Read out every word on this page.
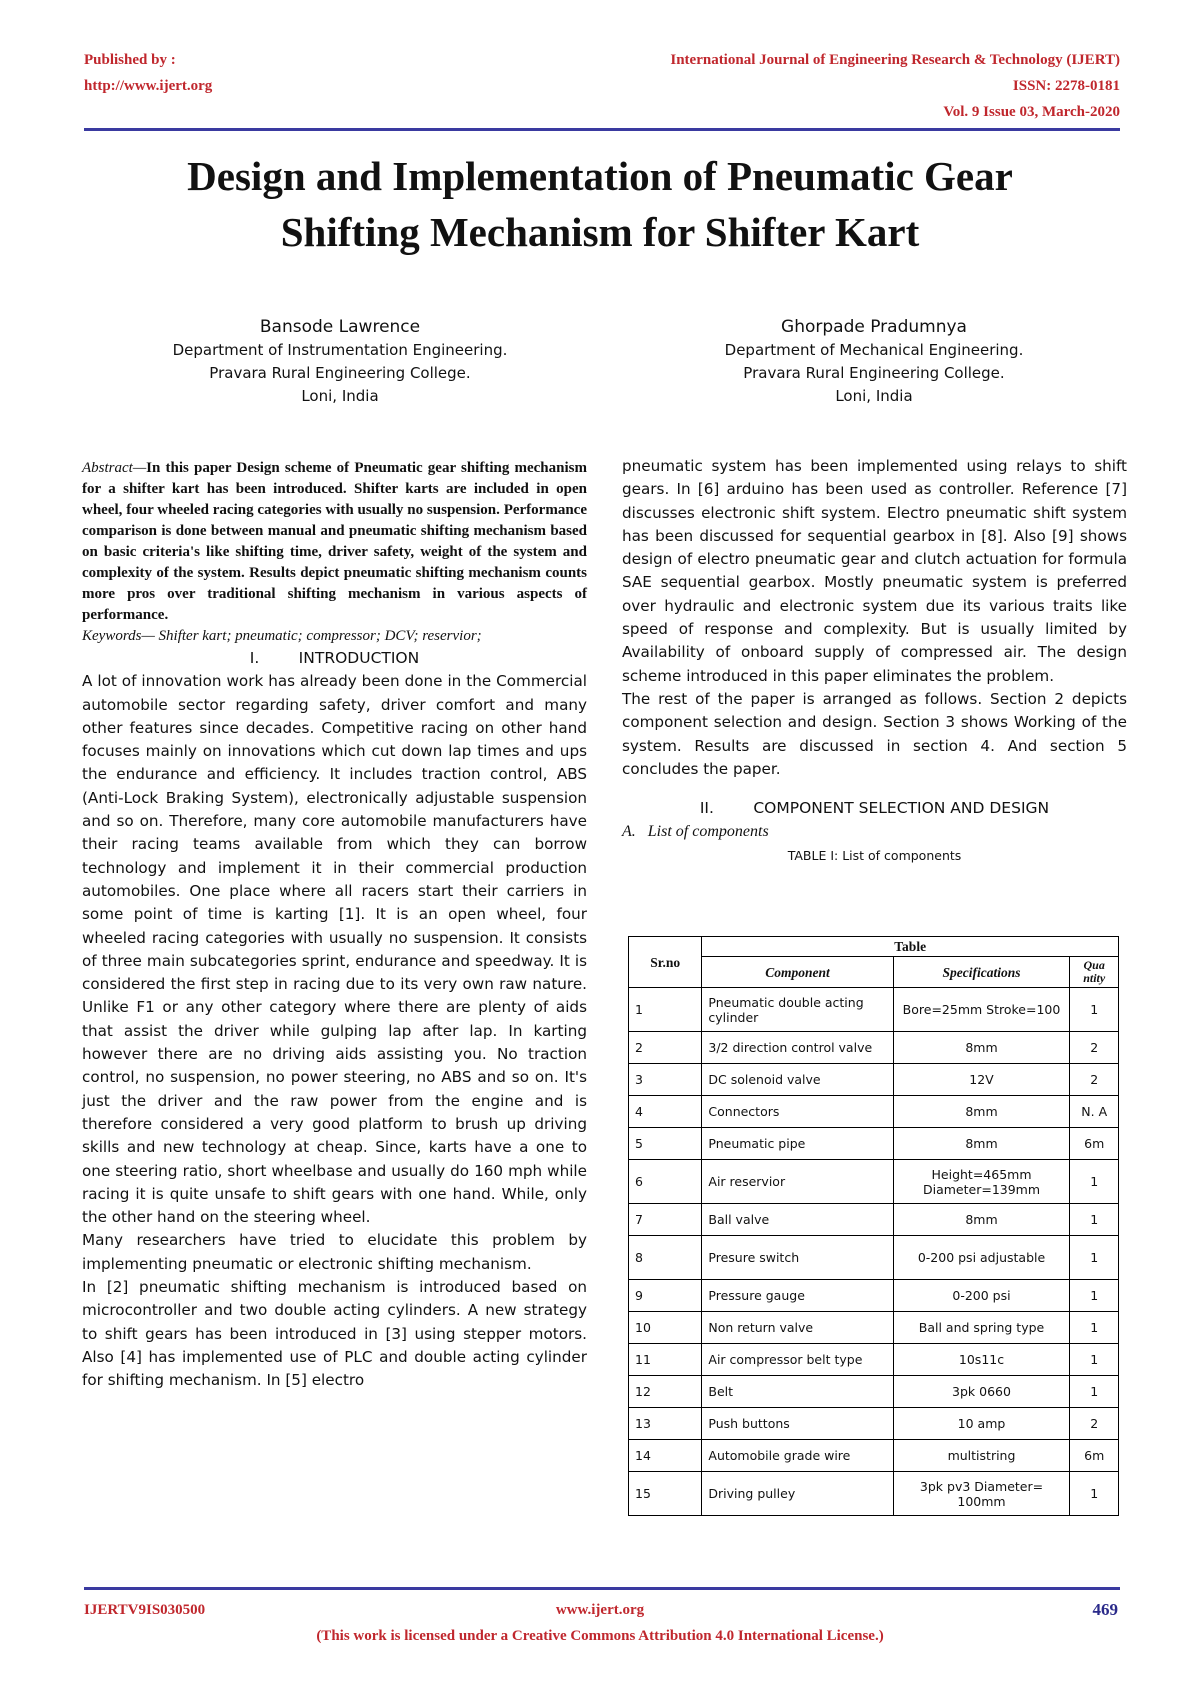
Published by :
http://www.ijert.org
International Journal of Engineering Research & Technology (IJERT)
ISSN: 2278-0181
Vol. 9 Issue 03, March-2020
Design and Implementation of Pneumatic Gear
Shifting Mechanism for Shifter Kart
Bansode Lawrence
Department of Instrumentation Engineering.
Pravara Rural Engineering College.
Loni, India
Ghorpade Pradumnya
Department of Mechanical Engineering.
Pravara Rural Engineering College.
Loni, India

Abstract—In this paper Design scheme of Pneumatic gear shifting mechanism for a shifter kart has been introduced. Shifter karts are included in open wheel, four wheeled racing categories with usually no suspension. Performance comparison is done between manual and pneumatic shifting mechanism based on basic criteria's like shifting time, driver safety, weight of the system and complexity of the system. Results depict pneumatic shifting mechanism counts more pros over traditional shifting mechanism in various aspects of performance.

Keywords— Shifter kart; pneumatic; compressor; DCV; reservior;

I.        INTRODUCTION

A lot of innovation work has already been done in the Commercial automobile sector regarding safety, driver comfort and many other features since decades. Competitive racing on other hand focuses mainly on innovations which cut down lap times and ups the endurance and efficiency. It includes traction control, ABS (Anti-Lock Braking System), electronically adjustable suspension and so on. Therefore, many core automobile manufacturers have their racing teams available from which they can borrow technology and implement it in their commercial production automobiles. One place where all racers start their carriers in some point of time is karting [1]. It is an open wheel, four wheeled racing categories with usually no suspension. It consists of three main subcategories sprint, endurance and speedway. It is considered the first step in racing due to its very own raw nature. Unlike F1 or any other category where there are plenty of aids that assist the driver while gulping lap after lap. In karting however there are no driving aids assisting you. No traction control, no suspension, no power steering, no ABS and so on. It's just the driver and the raw power from the engine and is therefore considered a very good platform to brush up driving skills and new technology at cheap. Since, karts have a one to one steering ratio, short wheelbase and usually do 160 mph while racing it is quite unsafe to shift gears with one hand. While, only the other hand on the steering wheel.

Many researchers have tried to elucidate this problem by implementing pneumatic or electronic shifting mechanism.

In [2] pneumatic shifting mechanism is introduced based on microcontroller and two double acting cylinders. A new strategy to shift gears has been introduced in [3] using stepper motors. Also [4] has implemented use of PLC and double acting cylinder for shifting mechanism. In [5] electro

pneumatic system has been implemented using relays to shift gears. In [6] arduino has been used as controller. Reference [7] discusses electronic shift system. Electro pneumatic shift system has been discussed for sequential gearbox in [8]. Also [9] shows design of electro pneumatic gear and clutch actuation for formula SAE sequential gearbox. Mostly pneumatic system is preferred over hydraulic and electronic system due its various traits like speed of response and complexity. But is usually limited by Availability of onboard supply of compressed air. The design scheme introduced in this paper eliminates the problem.

The rest of the paper is arranged as follows. Section 2 depicts component selection and design. Section 3 shows Working of the system. Results are discussed in section 4. And section 5 concludes the paper.

II.        COMPONENT SELECTION AND DESIGN

A.   List of components

TABLE I: List of components

Sr.no	Table		
	Component	Specifications	Qua ntity
1	Pneumatic double acting cylinder	Bore=25mm Stroke=100	1
2	3/2 direction control valve	8mm	2
3	DC solenoid valve	12V	2
4	Connectors	8mm	N. A
5	Pneumatic pipe	8mm	6m
6	Air reservior	Height=465mm Diameter=139mm	1
7	Ball valve	8mm	1
8	Presure switch	0-200 psi adjustable	1
9	Pressure gauge	0-200 psi	1
10	Non return valve	Ball and spring type	1
11	Air compressor belt type	10s11c	1
12	Belt	3pk 0660	1
13	Push buttons	10 amp	2
14	Automobile grade wire	multistring	6m
15	Driving pulley	3pk pv3 Diameter= 100mm	1
IJERTV9IS030500	www.ijert.org	469
(This work is licensed under a Creative Commons Attribution 4.0 International License.)
